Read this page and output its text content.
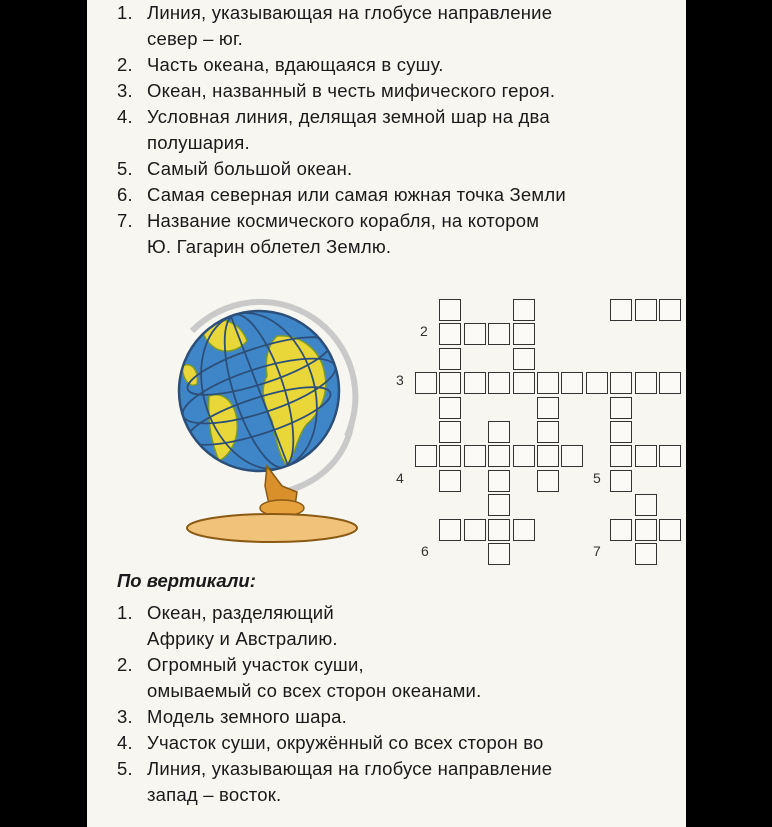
1. Линия, указывающая на глобусе направление
север – юг.
2. Часть океана, вдающаяся в сушу.
3. Океан, названный в честь мифического героя.
4. Условная линия, делящая земной шар на два
полушария.
5. Самый большой океан.
6. Самая северная или самая южная точка Земли
7. Название космического корабля, на котором
Ю. Гагарин облетел Землю.
2
3
4	5
6	7
По вертикали:
1. Океан, разделяющий
Африку и Австралию.
2. Огромный участок суши,
омываемый со всех сторон океанами.
3. Модель земного шара.
4. Участок суши, окружённый со всех сторон во
5. Линия, указывающая на глобусе направление
запад – восток.
